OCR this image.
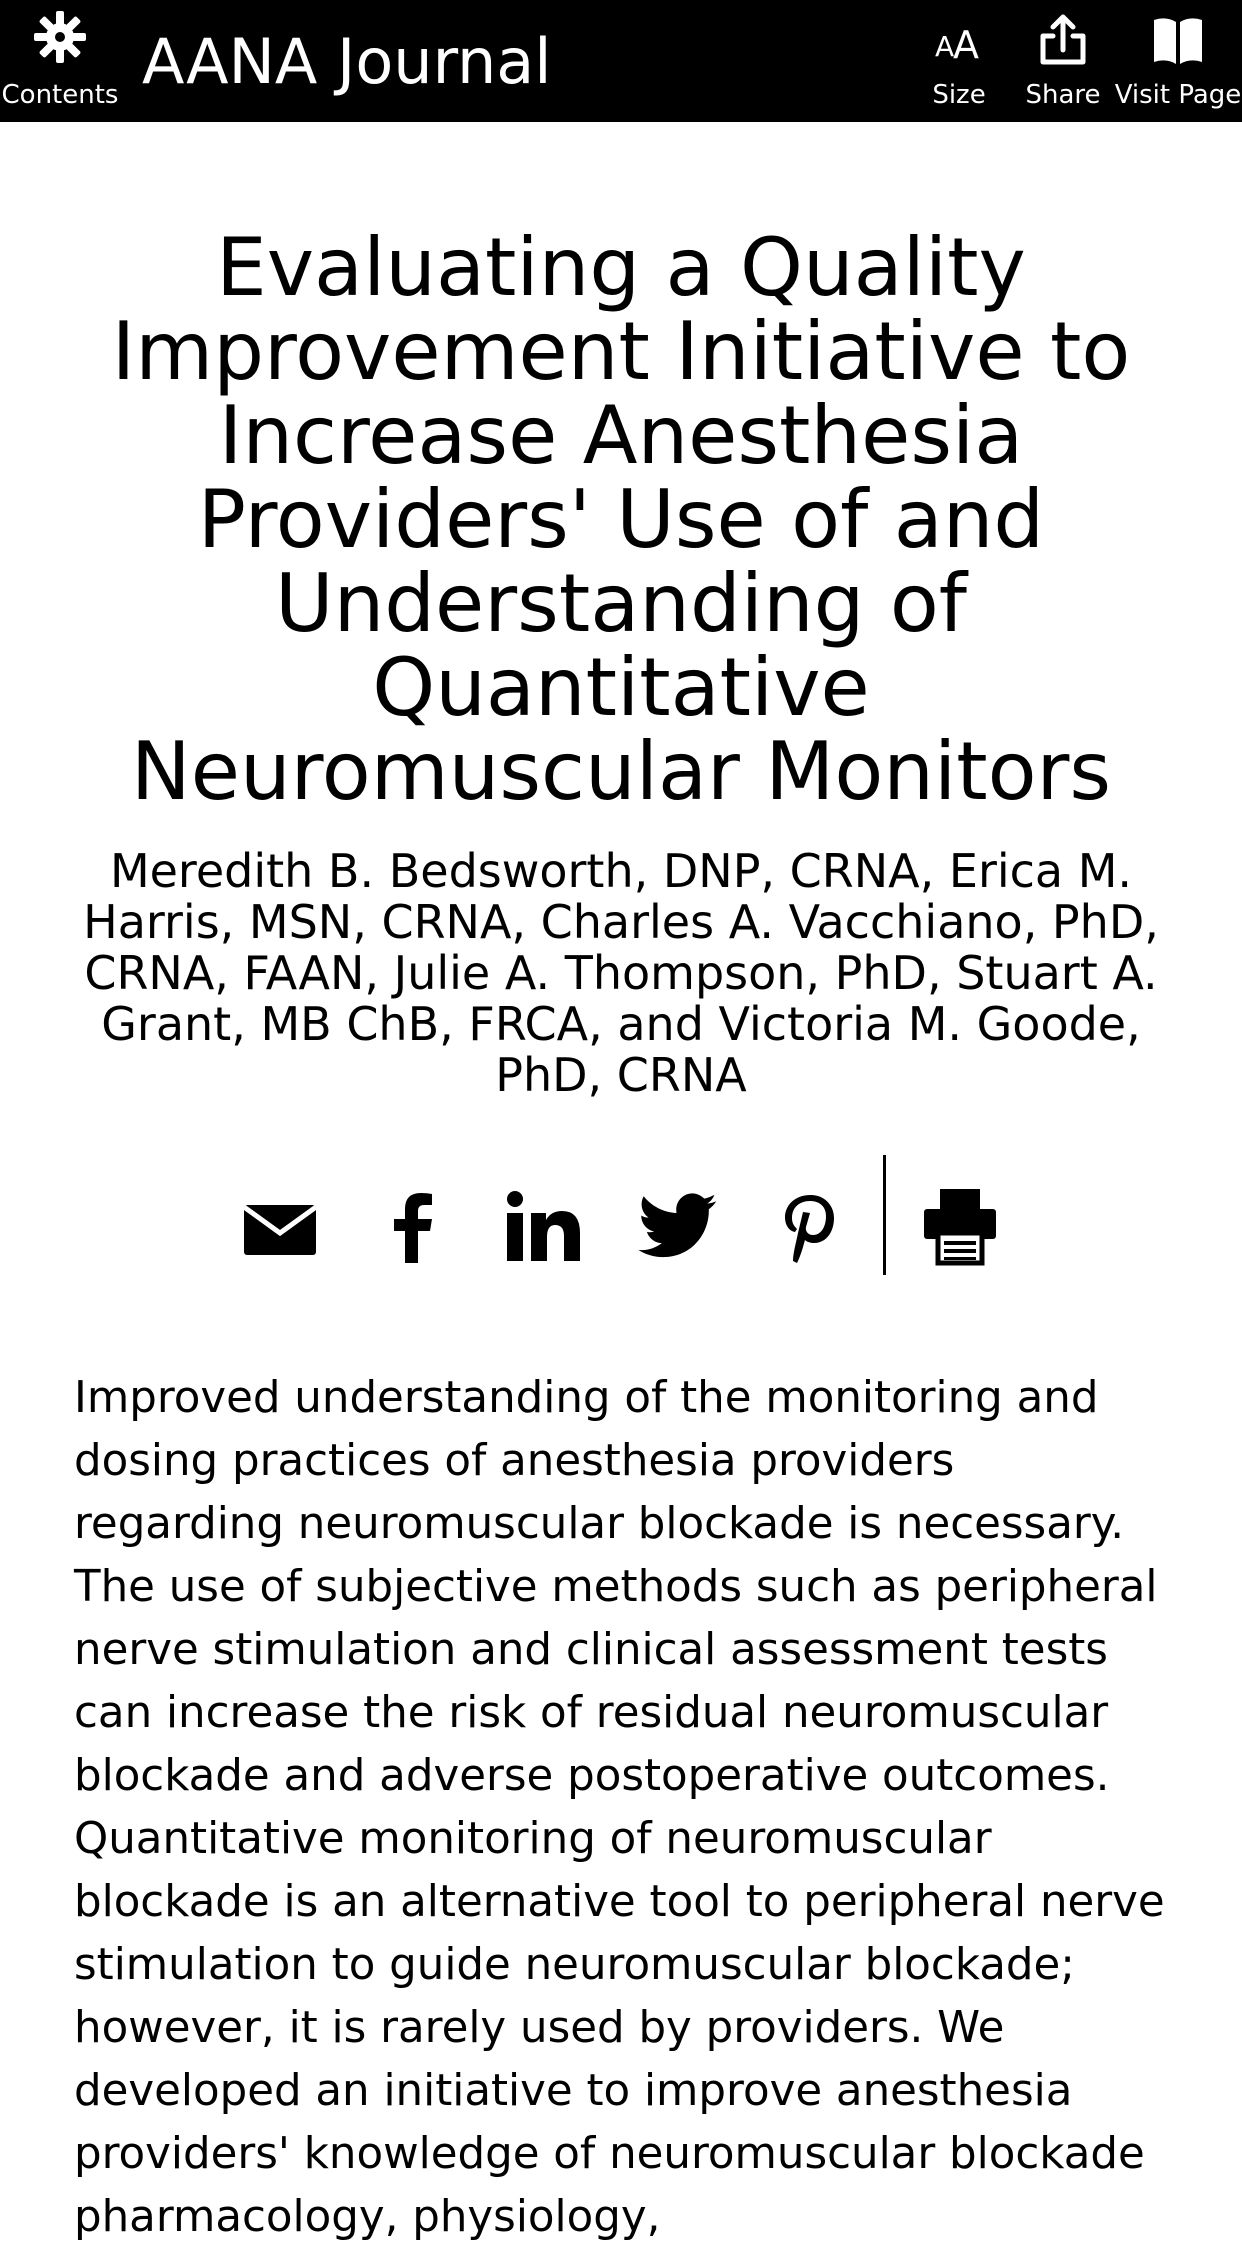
Contents AANA Journal	A
A
Size	Share Visit Page
Evaluating a Quality Improvement Initiative to Increase Anesthesia Providers' Use of and Understanding of Quantitative Neuromuscular Monitors

Meredith B. Bedsworth, DNP, CRNA, Erica M. Harris, MSN, CRNA, Charles A. Vacchiano, PhD, CRNA, FAAN, Julie A. Thompson, PhD, Stuart A. Grant, MB ChB, FRCA, and Victoria M. Goode, PhD, CRNA

Improved understanding of the monitoring and dosing practices of anesthesia providers regarding neuromuscular blockade is necessary. The use of subjective methods such as peripheral nerve stimulation and clinical assessment tests can increase the risk of residual neuromuscular blockade and adverse postoperative outcomes. Quantitative monitoring of neuromuscular blockade is an alternative tool to peripheral nerve stimulation to guide neuromuscular blockade; however, it is rarely used by providers. We developed an initiative to improve anesthesia providers' knowledge of neuromuscular blockade pharmacology, physiology,
